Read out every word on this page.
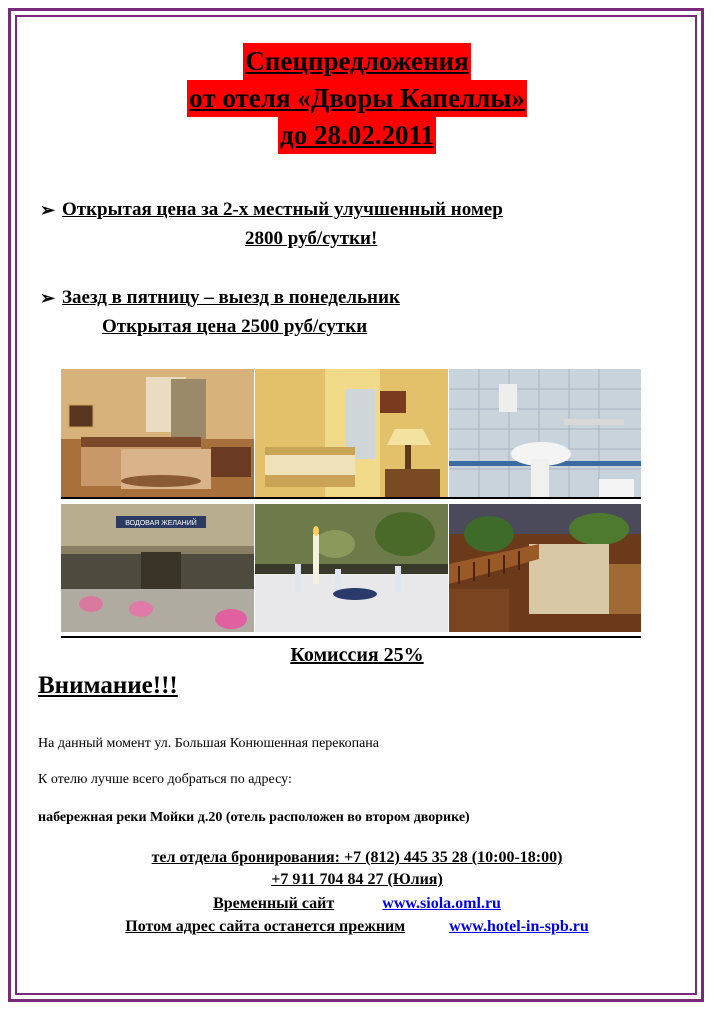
Спецпредложения
от отеля «Дворы Капеллы»
до 28.02.2011
➢ Открытая цена за 2-х местный улучшенный номер
2800 руб/сутки!
➢ Заезд в пятницу – выезд в понедельник
Открытая цена 2500 руб/сутки
ВОДОВАЯ ЖЕЛАНИЙ
Комиссия 25%
Внимание!!!
На данный момент ул. Большая Конюшенная перекопана
К отелю лучше всего добраться по адресу:
набережная реки Мойки д.20 (отель расположен во втором дворике)
тел отдела бронирования: +7 (812) 445 35 28 (10:00-18:00)
+7 911 704 84 27 (Юлия)
Временный сайт	www.siola.oml.ru
Потом адрес сайта останется прежним	www.hotel-in-spb.ru
